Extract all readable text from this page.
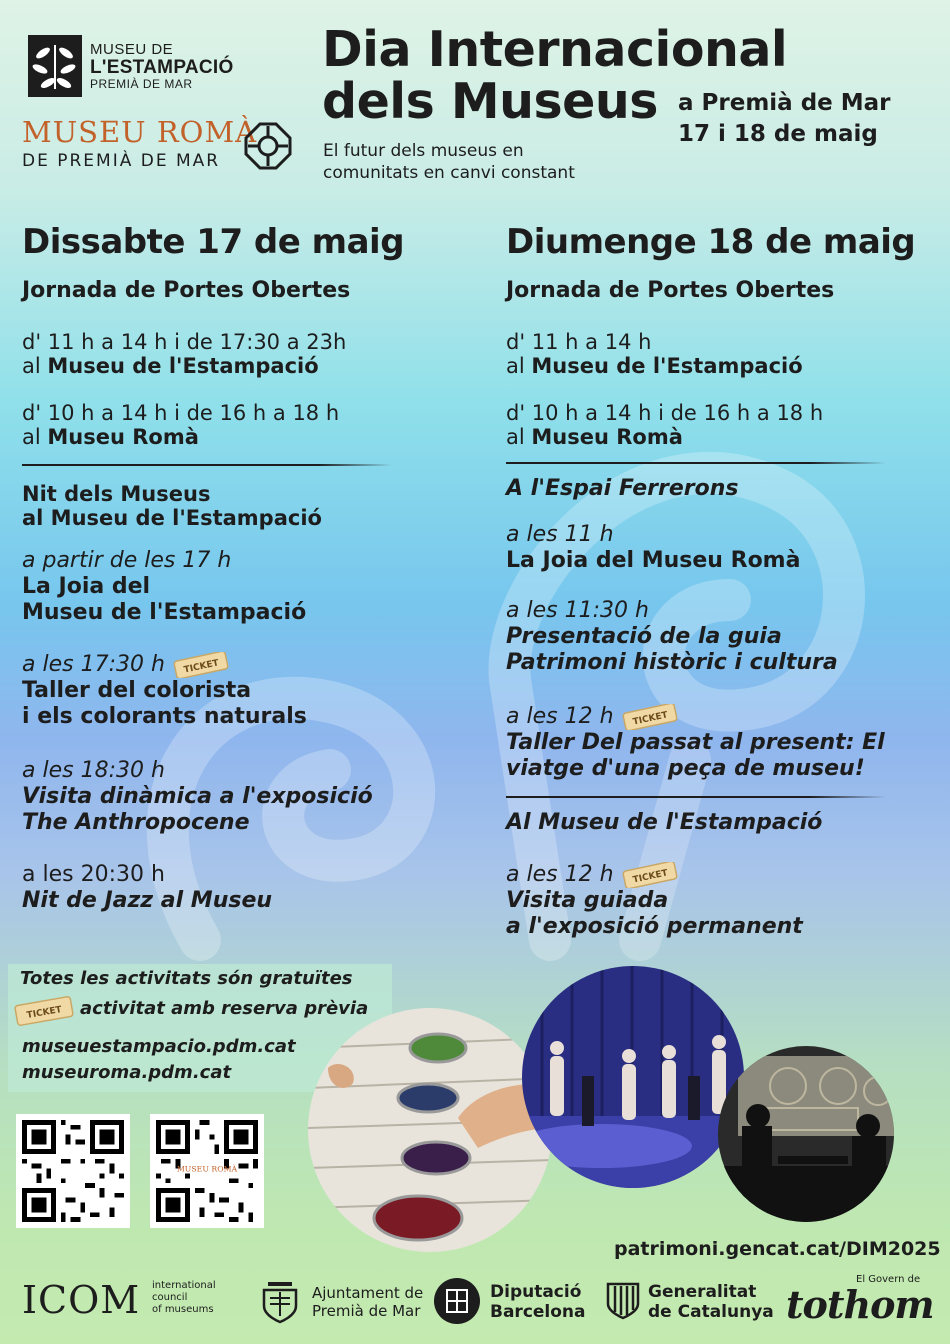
MUSEU DE
L'ESTAMPACIÓ
PREMIÀ DE MAR
MUSEU ROMÀ
DE PREMIÀ DE MAR
Dia Internacional
dels Museus a Premià de Mar
17 i 18 de maig
El futur dels museus en
comunitats en canvi constant
Dissabte 17 de maig
Jornada de Portes Obertes
d' 11 h a 14 h i de 17:30 a 23h
al Museu de l'Estampació
d' 10 h a 14 h i de 16 h a 18 h
al Museu Romà
Nit dels Museus
al Museu de l'Estampació
a partir de les 17 h
La Joia del
Museu de l'Estampació
a les 17:30 h TICKET
Taller del colorista
i els colorants naturals
a les 18:30 h
Visita dinàmica a l'exposició
The Anthropocene
a les 20:30 h
Nit de Jazz al Museu
Diumenge 18 de maig
Jornada de Portes Obertes
d' 11 h a 14 h
al Museu de l'Estampació
d' 10 h a 14 h i de 16 h a 18 h
al Museu Romà
A l'Espai Ferrerons
a les 11 h
La Joia del Museu Romà
a les 11:30 h
Presentació de la guia
Patrimoni històric i cultura
a les 12 h TICKET
Taller Del passat al present: El
viatge d'una peça de museu!
Al Museu de l'Estampació
a les 12 h TICKET
Visita guiada
a l'exposició permanent
Totes les activitats són gratuïtes
TICKET activitat amb reserva prèvia
museuestampacio.pdm.cat
museuroma.pdm.cat
MUSEU ROMÀ
patrimoni.gencat.cat/DIM2025
ICOM international
council
of museums
Ajuntament de
Premià de Mar
Diputació
Barcelona
Generalitat
de Catalunya
El Govern de
tothom
